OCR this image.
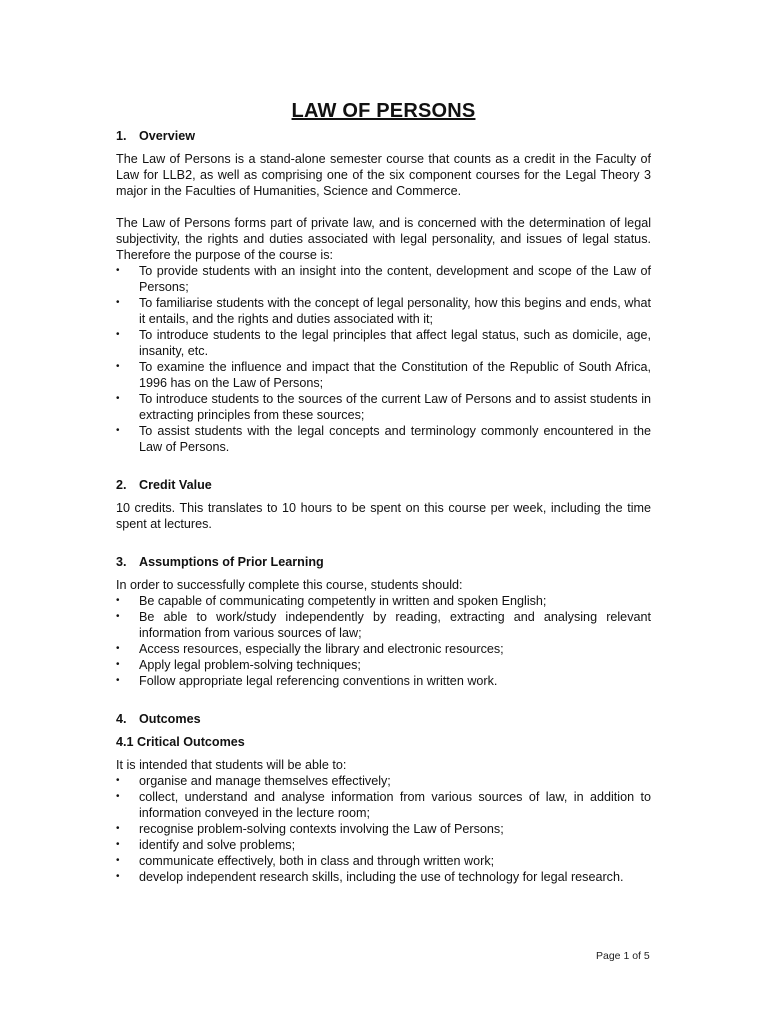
LAW OF PERSONS
1. Overview

The Law of Persons is a stand-alone semester course that counts as a credit in the Faculty of Law for LLB2, as well as comprising one of the six component courses for the Legal Theory 3 major in the Faculties of Humanities, Science and Commerce.

The Law of Persons forms part of private law, and is concerned with the determination of legal subjectivity, the rights and duties associated with legal personality, and issues of legal status. Therefore the purpose of the course is:

•	To provide students with an insight into the content, development and scope of the Law of Persons;
•	To familiarise students with the concept of legal personality, how this begins and ends, what it entails, and the rights and duties associated with it;
•	To introduce students to the legal principles that affect legal status, such as domicile, age, insanity, etc.
•	To examine the influence and impact that the Constitution of the Republic of South Africa, 1996 has on the Law of Persons;
•	To introduce students to the sources of the current Law of Persons and to assist students in extracting principles from these sources;
•	To assist students with the legal concepts and terminology commonly encountered in the Law of Persons.
2. Credit Value

10 credits. This translates to 10 hours to be spent on this course per week, including the time spent at lectures.

3. Assumptions of Prior Learning

In order to successfully complete this course, students should:

•	Be capable of communicating competently in written and spoken English;
•	Be able to work/study independently by reading, extracting and analysing relevant information from various sources of law;
•	Access resources, especially the library and electronic resources;
•	Apply legal problem-solving techniques;
•	Follow appropriate legal referencing conventions in written work.
4. Outcomes
4.1 Critical Outcomes

It is intended that students will be able to:

•	organise and manage themselves effectively;
•	collect, understand and analyse information from various sources of law, in addition to information conveyed in the lecture room;
•	recognise problem-solving contexts involving the Law of Persons;
•	identify and solve problems;
•	communicate effectively, both in class and through written work;
•	develop independent research skills, including the use of technology for legal research.
Page 1 of 5
